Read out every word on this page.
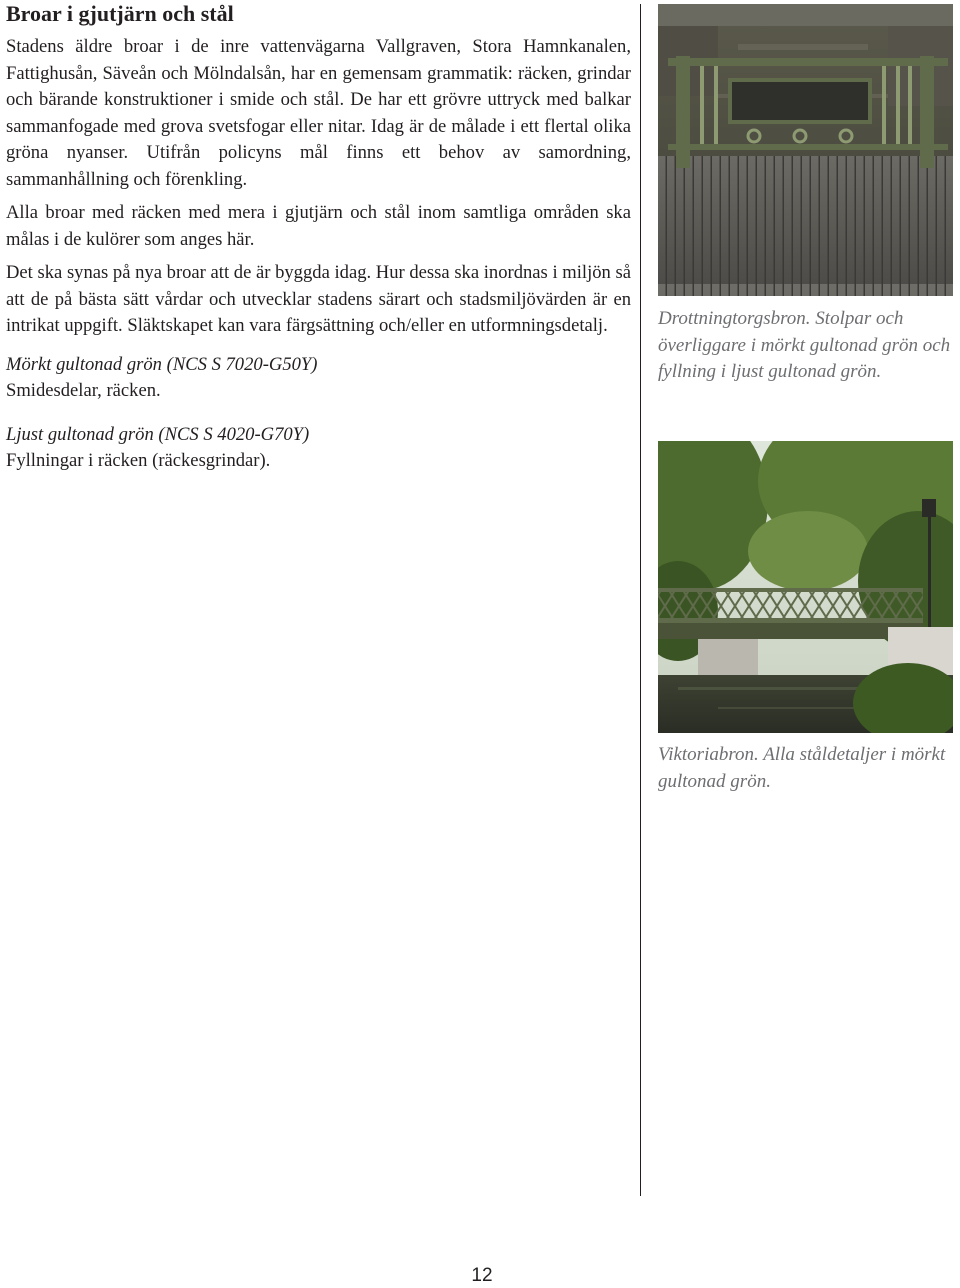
Broar i gjutjärn och stål

Stadens äldre broar i de inre vattenvägarna Vallgraven, Stora Hamnkanalen, Fattighusån, Säveån och Mölndalsån, har en gemensam grammatik: räcken, grindar och bärande konstruktioner i smide och stål. De har ett grövre uttryck med balkar sammanfogade med grova svetsfogar eller nitar. Idag är de målade i ett flertal olika gröna nyanser. Utifrån policyns mål finns ett behov av samordning, sammanhållning och förenkling.

Alla broar med räcken med mera i gjutjärn och stål inom samtliga områden ska målas i de kulörer som anges här.

Det ska synas på nya broar att de är byggda idag. Hur dessa ska inordnas i miljön så att de på bästa sätt vårdar och utvecklar stadens särart och stadsmiljövärden är en intrikat uppgift. Släktskapet kan vara färgsättning och/eller en utformningsdetalj.

Mörkt gultonad grön (NCS S 7020-G50Y)

Smidesdelar, räcken.

Ljust gultonad grön (NCS S 4020-G70Y)

Fyllningar i räcken (räckesgrindar).

Drottningtorgsbron. Stolpar och överliggare i mörkt gultonad grön och fyllning i ljust gultonad grön.

Viktoriabron. Alla ståldetaljer i mörkt gultonad grön.

12
